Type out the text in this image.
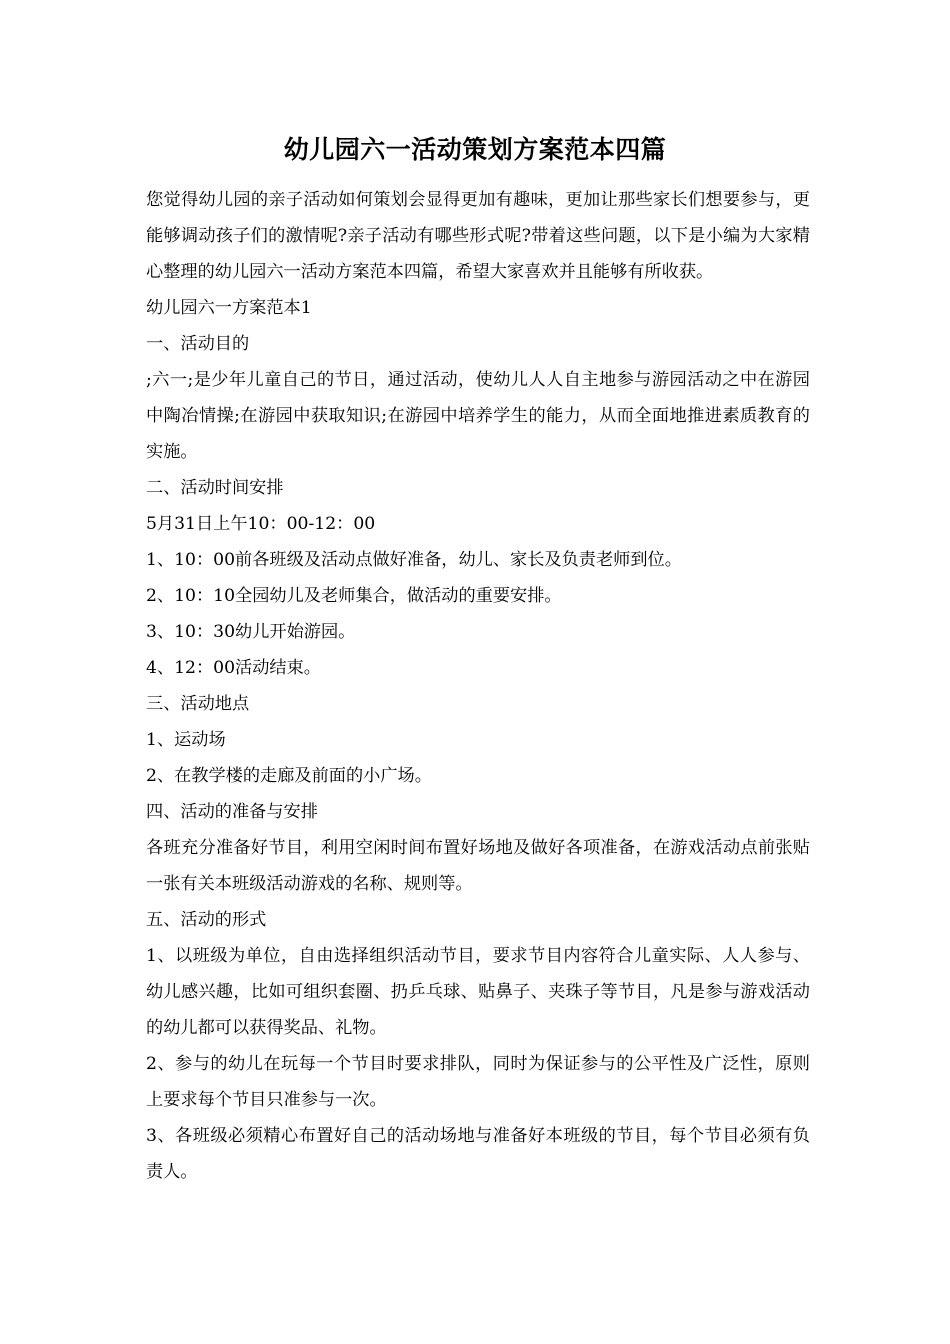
幼儿园六一活动策划方案范本四篇

您觉得幼儿园的亲子活动如何策划会显得更加有趣味，更加让那些家长们想要参与，更能够调动孩子们的激情呢?亲子活动有哪些形式呢?带着这些问题，以下是小编为大家精心整理的幼儿园六一活动方案范本四篇，希望大家喜欢并且能够有所收获。

幼儿园六一方案范本1

一、活动目的

;六一;是少年儿童自己的节日，通过活动，使幼儿人人自主地参与游园活动之中在游园中陶冶情操;在游园中获取知识;在游园中培养学生的能力，从而全面地推进素质教育的实施。

二、活动时间安排

5月31日上午10：00-12：00

1、10：00前各班级及活动点做好准备，幼儿、家长及负责老师到位。

2、10：10全园幼儿及老师集合，做活动的重要安排。

3、10：30幼儿开始游园。

4、12：00活动结束。

三、活动地点

1、运动场

2、在教学楼的走廊及前面的小广场。

四、活动的准备与安排

各班充分准备好节目，利用空闲时间布置好场地及做好各项准备，在游戏活动点前张贴一张有关本班级活动游戏的名称、规则等。

五、活动的形式

1、以班级为单位，自由选择组织活动节目，要求节目内容符合儿童实际、人人参与、幼儿感兴趣，比如可组织套圈、扔乒乓球、贴鼻子、夹珠子等节目，凡是参与游戏活动的幼儿都可以获得奖品、礼物。

2、参与的幼儿在玩每一个节目时要求排队，同时为保证参与的公平性及广泛性，原则上要求每个节目只准参与一次。

3、各班级必须精心布置好自己的活动场地与准备好本班级的节目，每个节目必须有负责人。
